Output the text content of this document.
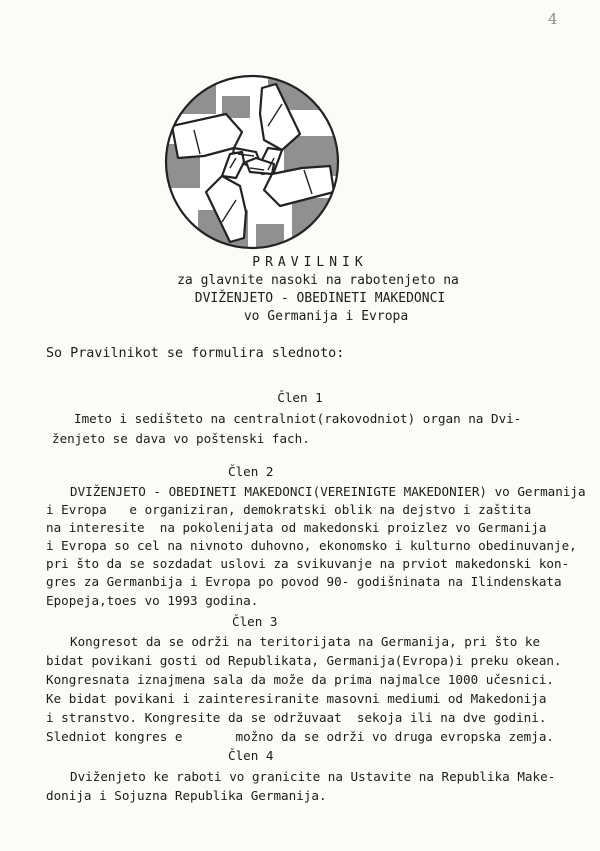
4
PRAVILNIK
za glavnite nasoki na rabotenjeto na
DVIŽENJETO - OBEDINETI MAKEDONCI
vo Germanija i Evropa
So Pravilnikot se formulira slednoto:
Člen 1
Imeto i sedišteto na centralniot(rakovodniot) organ na Dvi-
ženjeto se dava vo poštenski fach.
Člen 2
DVIŽENJETO - OBEDINETI MAKEDONCI(VEREINIGTE MAKEDONIER) vo Germanija
i Evropa   e organiziran, demokratski oblik na dejstvo i zaštita
na interesite  na pokolenijata od makedonski proizlez vo Germanija
i Evropa so cel na nivnoto duhovno, ekonomsko i kulturno obedinuvanje,
pri što da se sozdadat uslovi za svikuvanje na prviot makedonski kon-
gres za Germanbija i Evropa po povod 90- godišninata na Ilindenskata
Epopeja,toes vo 1993 godina.
Člen 3
Kongresot da se održi na teritorijata na Germanija, pri što ke
bidat povikani gosti od Republikata, Germanija(Evropa)i preku okean.
Kongresnata iznajmena sala da može da prima najmalce 1000 učesnici.
Ke bidat povikani i zainteresiranite masovni mediumi od Makedonija
i stranstvo. Kongresite da se održuvaat  sekoja ili na dve godini.
Sledniot kongres e       možno da se održi vo druga evropska zemja.
Člen 4
Dviženjeto ke raboti vo granicite na Ustavite na Republika Make-
donija i Sojuzna Republika Germanija.
